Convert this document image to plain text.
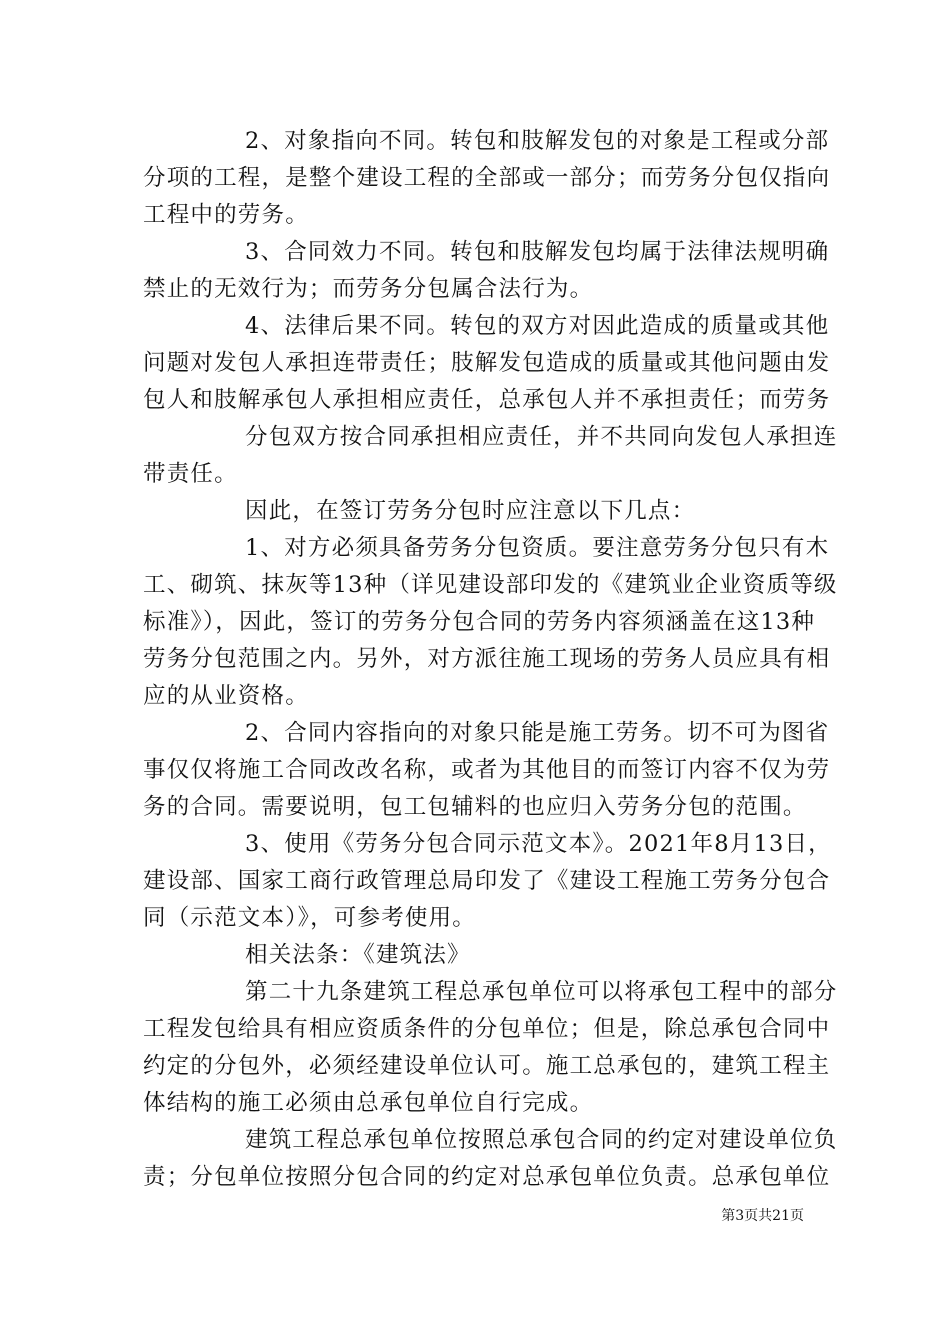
2、对象指向不同。转包和肢解发包的对象是工程或分部
分项的工程，是整个建设工程的全部或一部分；而劳务分包仅指向
工程中的劳务。
3、合同效力不同。转包和肢解发包均属于法律法规明确
禁止的无效行为；而劳务分包属合法行为。
4、法律后果不同。转包的双方对因此造成的质量或其他
问题对发包人承担连带责任；肢解发包造成的质量或其他问题由发
包人和肢解承包人承担相应责任，总承包人并不承担责任；而劳务
分包双方按合同承担相应责任，并不共同向发包人承担连
带责任。
因此，在签订劳务分包时应注意以下几点：
1、对方必须具备劳务分包资质。要注意劳务分包只有木
工、砌筑、抹灰等13种（详见建设部印发的《建筑业企业资质等级
标准》），因此，签订的劳务分包合同的劳务内容须涵盖在这13种
劳务分包范围之内。另外，对方派往施工现场的劳务人员应具有相
应的从业资格。
2、合同内容指向的对象只能是施工劳务。切不可为图省
事仅仅将施工合同改改名称，或者为其他目的而签订内容不仅为劳
务的合同。需要说明，包工包辅料的也应归入劳务分包的范围。
3、使用《劳务分包合同示范文本》。2021年8月13日，
建设部、国家工商行政管理总局印发了《建设工程施工劳务分包合
同（示范文本）》，可参考使用。
相关法条：《建筑法》
第二十九条建筑工程总承包单位可以将承包工程中的部分
工程发包给具有相应资质条件的分包单位；但是，除总承包合同中
约定的分包外，必须经建设单位认可。施工总承包的，建筑工程主
体结构的施工必须由总承包单位自行完成。
建筑工程总承包单位按照总承包合同的约定对建设单位负
责；分包单位按照分包合同的约定对总承包单位负责。总承包单位
第3页共21页
